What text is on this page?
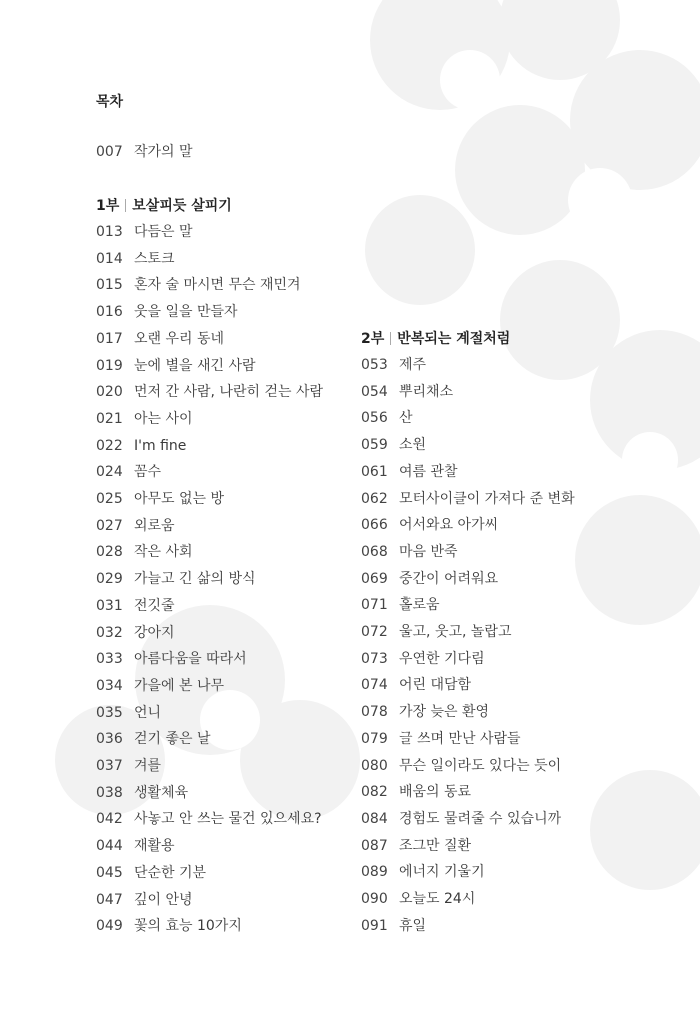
목차
007 작가의 말
1부 보살피듯 살피기
013 다듬은 말
014 스토크
015 혼자 술 마시면 무슨 재민겨
016 웃을 일을 만들자
017 오랜 우리 동네
019 눈에 별을 새긴 사람
020 먼저 간 사람, 나란히 걷는 사람
021 아는 사이
022 I'm fine
024 꼼수
025 아무도 없는 방
027 외로움
028 작은 사회
029 가늘고 긴 삶의 방식
031 전깃줄
032 강아지
033 아름다움을 따라서
034 가을에 본 나무
035 언니
036 걷기 좋은 날
037 겨를
038 생활체육
042 사놓고 안 쓰는 물건 있으세요?
044 재활용
045 단순한 기분
047 깊이 안녕
049 꽃의 효능 10가지
2부 반복되는 계절처럼
053 제주
054 뿌리채소
056 산
059 소원
061 여름 관찰
062 모터사이클이 가져다 준 변화
066 어서와요 아가씨
068 마음 반죽
069 중간이 어려워요
071 홀로움
072 울고, 웃고, 놀랍고
073 우연한 기다림
074 어린 대담함
078 가장 늦은 환영
079 글 쓰며 만난 사람들
080 무슨 일이라도 있다는 듯이
082 배움의 동료
084 경험도 물려줄 수 있습니까
087 조그만 질환
089 에너지 기울기
090 오늘도 24시
091 휴일
